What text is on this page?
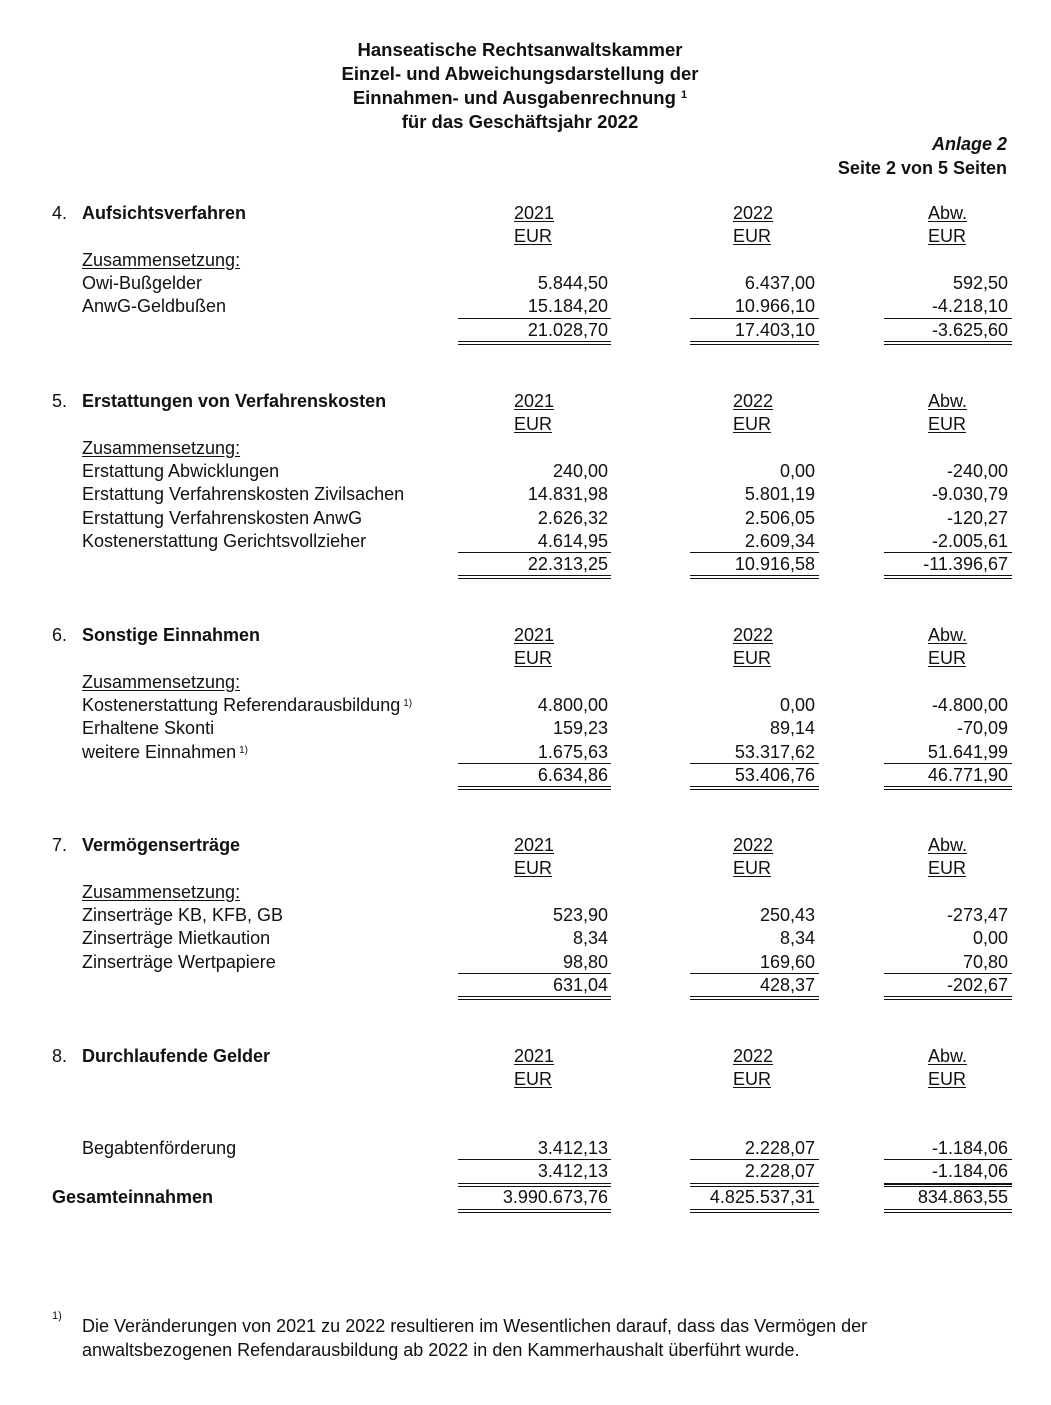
Hanseatische Rechtsanwaltskammer
Einzel- und Abweichungsdarstellung der
Einnahmen- und Ausgabenrechnung $^1$
für das Geschäftsjahr 2022
Anlage 2
Seite 2 von 5 Seiten
4. Aufsichtsverfahren	2021	2022	Abw.
EUR	EUR	EUR
Zusammensetzung:
Owi-Bußgelder	5.844,50	6.437,00	592,50
AnwG-Geldbußen	15.184,20	10.966,10	-4.218,10
21.028,70	17.403,10	-3.625,60
5. Erstattungen von Verfahrenskosten	2021	2022	Abw.
EUR	EUR	EUR
Zusammensetzung:
Erstattung Abwicklungen	240,00	0,00	-240,00
Erstattung Verfahrenskosten Zivilsachen	14.831,98	5.801,19	-9.030,79
Erstattung Verfahrenskosten AnwG	2.626,32	2.506,05	-120,27
Kostenerstattung Gerichtsvollzieher	4.614,95	2.609,34	-2.005,61
22.313,25	10.916,58	-11.396,67
6. Sonstige Einnahmen	2021	2022	Abw.
EUR	EUR	EUR
Zusammensetzung:
Kostenerstattung Referendarausbildung $^{1)}$	4.800,00	0,00	-4.800,00
Erhaltene Skonti	159,23	89,14	-70,09
weitere Einnahmen $^{1)}$	1.675,63	53.317,62	51.641,99
6.634,86	53.406,76	46.771,90
7. Vermögenserträge	2021	2022	Abw.
EUR	EUR	EUR
Zusammensetzung:
Zinserträge KB, KFB, GB	523,90	250,43	-273,47
Zinserträge Mietkaution	8,34	8,34	0,00
Zinserträge Wertpapiere	98,80	169,60	70,80
631,04	428,37	-202,67
8. Durchlaufende Gelder	2021	2022	Abw.
EUR	EUR	EUR
Begabtenförderung	3.412,13	2.228,07	-1.184,06
3.412,13	2.228,07	-1.184,06
Gesamteinnahmen	3.990.673,76	4.825.537,31	834.863,55
1) Die Veränderungen von 2021 zu 2022 resultieren im Wesentlichen darauf, dass das Vermögen der anwaltsbezogenen Refendarausbildung ab 2022 in den Kammerhaushalt überführt wurde.
